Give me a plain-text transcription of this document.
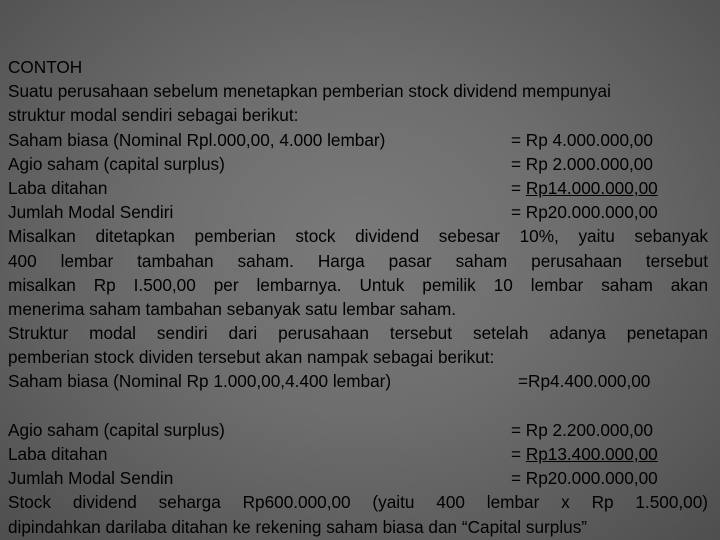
CONTOH
Suatu perusahaan sebelum menetapkan pemberian stock dividend mempunyai
struktur modal sendiri sebagai berikut:
Saham biasa (Nominal Rpl.000,00, 4.000 lembar)	= Rp 4.000.000,00
Agio saham (capital surplus)	= Rp 2.000.000,00
Laba ditahan	= Rp14.000.000,00
Jumlah Modal Sendiri	= Rp20.000.000,00
Misalkan ditetapkan pemberian stock dividend sebesar 10%, yaitu sebanyak
400 lembar tambahan saham. Harga pasar saham perusahaan tersebut
misalkan Rp I.500,00 per lembarnya. Untuk pemilik 10 lembar saham akan
menerima saham tambahan sebanyak satu lembar saham.
Struktur modal sendiri dari perusahaan tersebut setelah adanya penetapan
pemberian stock dividen tersebut akan nampak sebagai berikut:
Saham biasa (Nominal Rp 1.000,00,4.400 lembar)	=Rp4.400.000,00
Agio saham (capital surplus)	= Rp 2.200.000,00
Laba ditahan	= Rp13.400.000,00
Jumlah Modal Sendin	= Rp20.000.000,00
Stock dividend seharga Rp600.000,00 (yaitu 400 lembar x Rp 1.500,00)
dipindahkan darilaba ditahan ke rekening saham biasa dan “Capital surplus”	38
